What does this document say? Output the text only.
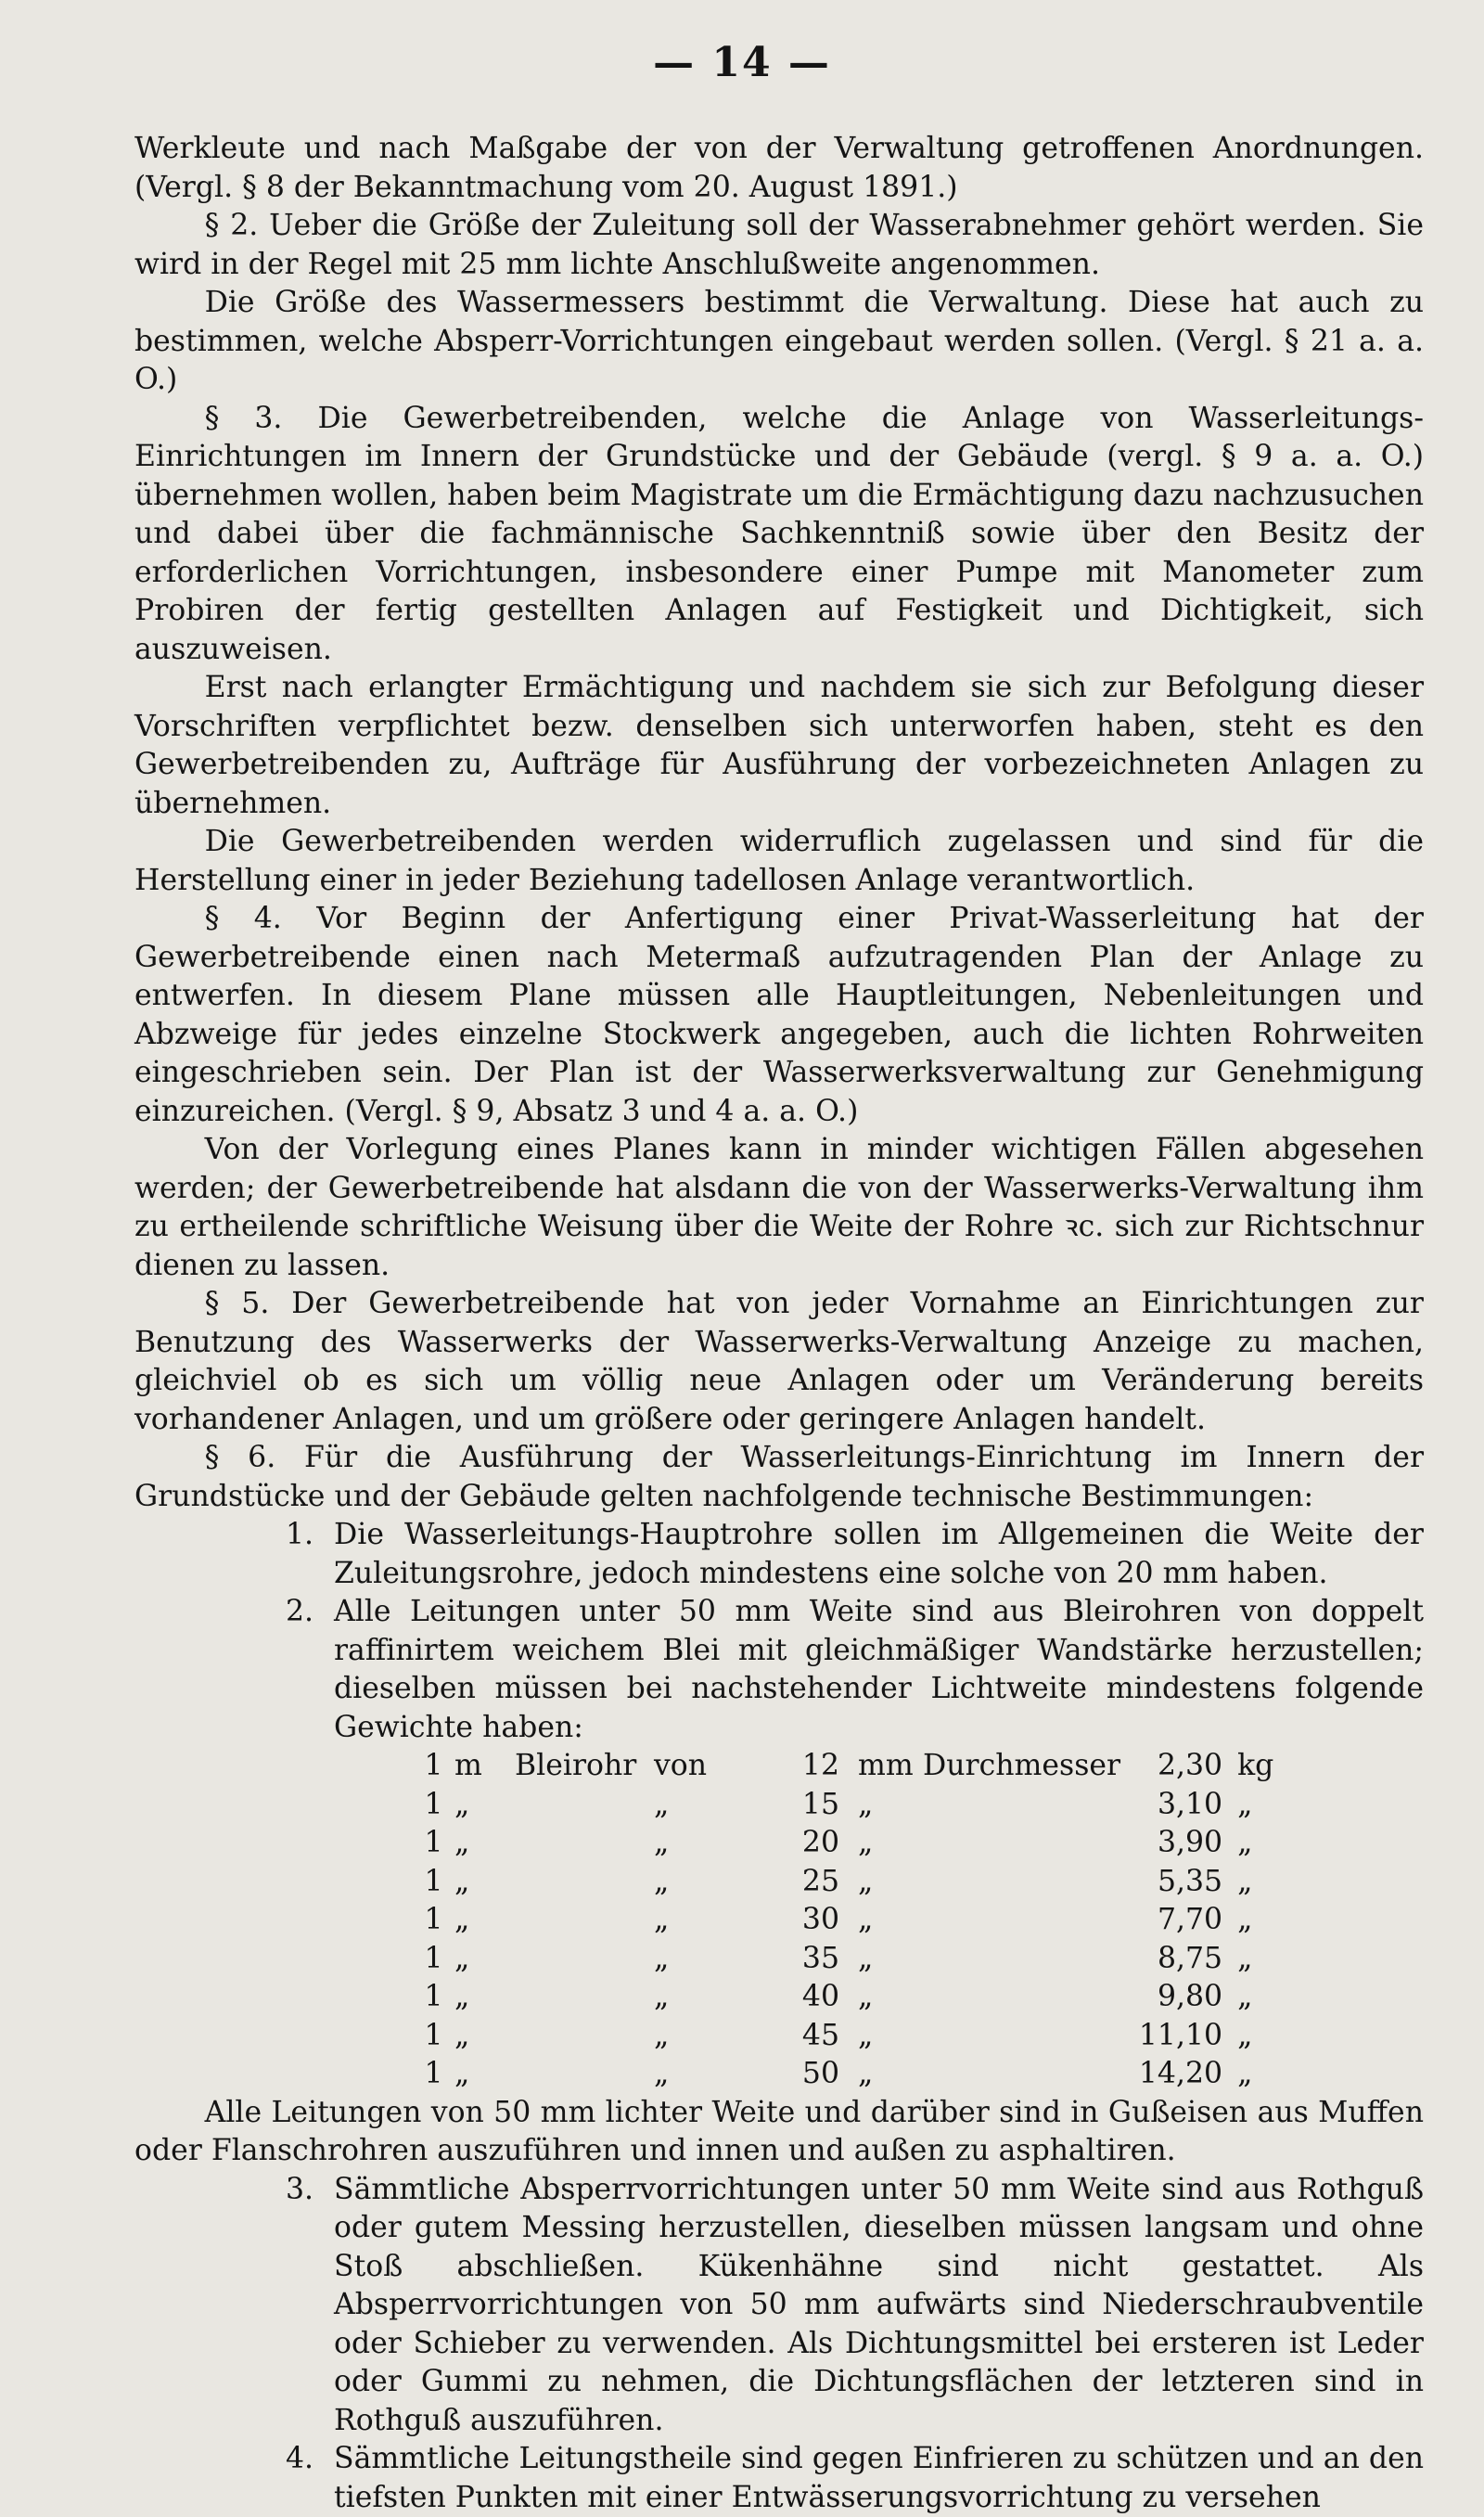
— 14 —

Werkleute und nach Maßgabe der von der Verwaltung getroffenen Anordnungen. (Vergl. § 8 der Bekanntmachung vom 20. August 1891.)

§ 2. Ueber die Größe der Zuleitung soll der Wasserabnehmer gehört werden. Sie wird in der Regel mit 25 mm lichte Anschlußweite angenommen.

Die Größe des Wassermessers bestimmt die Verwaltung. Diese hat auch zu bestimmen, welche Absperr-Vorrichtungen eingebaut werden sollen. (Vergl. § 21 a. a. O.)

§ 3. Die Gewerbetreibenden, welche die Anlage von Wasserleitungs-Einrichtungen im Innern der Grundstücke und der Gebäude (vergl. § 9 a. a. O.) übernehmen wollen, haben beim Magistrate um die Ermächtigung dazu nachzusuchen und dabei über die fachmännische Sachkenntniß sowie über den Besitz der erforderlichen Vorrichtungen, insbesondere einer Pumpe mit Manometer zum Probiren der fertig gestellten Anlagen auf Festigkeit und Dichtigkeit, sich auszuweisen.

Erst nach erlangter Ermächtigung und nachdem sie sich zur Befolgung dieser Vorschriften verpflichtet bezw. denselben sich unterworfen haben, steht es den Gewerbetreibenden zu, Aufträge für Ausführung der vorbezeichneten Anlagen zu übernehmen.

Die Gewerbetreibenden werden widerruflich zugelassen und sind für die Herstellung einer in jeder Beziehung tadellosen Anlage verantwortlich.

§ 4. Vor Beginn der Anfertigung einer Privat-Wasserleitung hat der Gewerbetreibende einen nach Metermaß aufzutragenden Plan der Anlage zu entwerfen. In diesem Plane müssen alle Hauptleitungen, Nebenleitungen und Abzweige für jedes einzelne Stockwerk angegeben, auch die lichten Rohrweiten eingeschrieben sein. Der Plan ist der Wasserwerksverwaltung zur Genehmigung einzureichen. (Vergl. § 9, Absatz 3 und 4 a. a. O.)

Von der Vorlegung eines Planes kann in minder wichtigen Fällen abgesehen werden; der Gewerbetreibende hat alsdann die von der Wasserwerks-Verwaltung ihm zu ertheilende schriftliche Weisung über die Weite der Rohre ꝛc. sich zur Richtschnur dienen zu lassen.

§ 5. Der Gewerbetreibende hat von jeder Vornahme an Einrichtungen zur Benutzung des Wasserwerks der Wasserwerks-Verwaltung Anzeige zu machen, gleichviel ob es sich um völlig neue Anlagen oder um Veränderung bereits vorhandener Anlagen, und um größere oder geringere Anlagen handelt.

§ 6. Für die Ausführung der Wasserleitungs-Einrichtung im Innern der Grundstücke und der Gebäude gelten nachfolgende technische Bestimmungen:

1. Die Wasserleitungs-Hauptrohre sollen im Allgemeinen die Weite der Zuleitungsrohre, jedoch mindestens eine solche von 20 mm haben.
2. Alle Leitungen unter 50 mm Weite sind aus Bleirohren von doppelt raffinirtem weichem Blei mit gleichmäßiger Wandstärke herzustellen; dieselben müssen bei nachstehender Lichtweite mindestens folgende Gewichte haben:
1	m	Bleirohr	von	12	mm	Durchmesser	2,30	kg
1	„		„	15	„		3,10	„
1	„		„	20	„		3,90	„
1	„		„	25	„		5,35	„
1	„		„	30	„		7,70	„
1	„		„	35	„		8,75	„
1	„		„	40	„		9,80	„
1	„		„	45	„		11,10	„
1	„		„	50	„		14,20	„

Alle Leitungen von 50 mm lichter Weite und darüber sind in Gußeisen aus Muffen oder Flanschrohren auszuführen und innen und außen zu asphaltiren.

3. Sämmtliche Absperrvorrichtungen unter 50 mm Weite sind aus Rothguß oder gutem Messing herzustellen, dieselben müssen langsam und ohne Stoß abschließen. Kükenhähne sind nicht gestattet. Als Absperrvorrichtungen von 50 mm aufwärts sind Niederschraubventile oder Schieber zu verwenden. Als Dichtungsmittel bei ersteren ist Leder oder Gummi zu nehmen, die Dichtungsflächen der letzteren sind in Rothguß auszuführen.
4. Sämmtliche Leitungstheile sind gegen Einfrieren zu schützen und an den tiefsten Punkten mit einer Entwässerungsvorrichtung zu versehen
